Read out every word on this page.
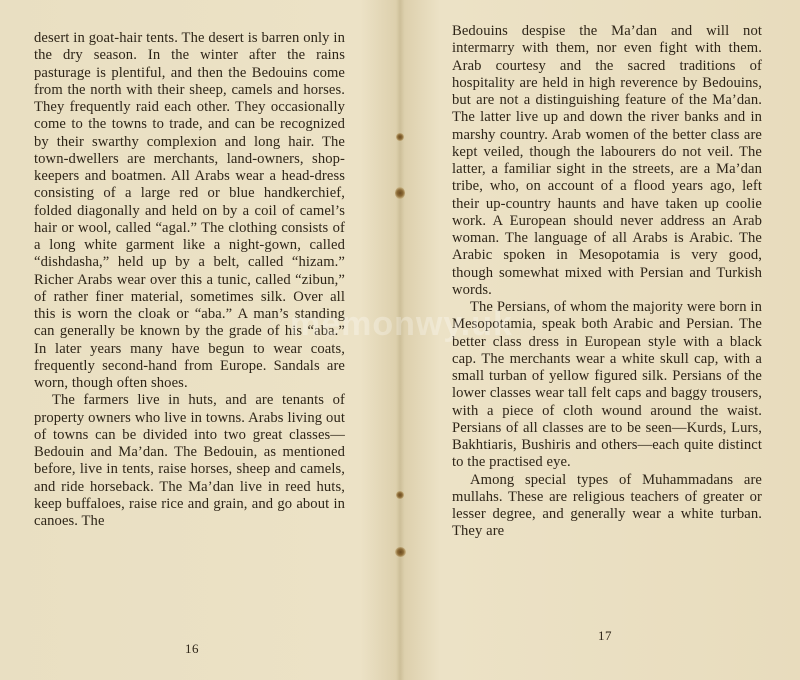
desert in goat-hair tents. The desert is barren only in the dry season. In the winter after the rains pasturage is plentiful, and then the Bedouins come from the north with their sheep, camels and horses. They frequently raid each other. They occasionally come to the towns to trade, and can be recognized by their swarthy complexion and long hair. The town-dwellers are merchants, land-owners, shop-keepers and boatmen. All Arabs wear a head-dress consisting of a large red or blue handkerchief, folded diagonally and held on by a coil of camel’s hair or wool, called “agal.” The clothing consists of a long white garment like a night-gown, called “dishdasha,” held up by a belt, called “hizam.” Richer Arabs wear over this a tunic, called “zibun,” of rather finer material, sometimes silk. Over all this is worn the cloak or “aba.” A man’s standing can generally be known by the grade of his “aba.” In later years many have begun to wear coats, frequently second-hand from Europe. Sandals are worn, though often shoes.

The farmers live in huts, and are tenants of property owners who live in towns. Arabs living out of towns can be divided into two great classes—Bedouin and Ma’dan. The Bedouin, as mentioned before, live in tents, raise horses, sheep and camels, and ride horseback. The Ma’dan live in reed huts, keep buffaloes, raise rice and grain, and go about in canoes. The

16

Bedouins despise the Ma’dan and will not intermarry with them, nor even fight with them. Arab courtesy and the sacred traditions of hospitality are held in high reverence by Bedouins, but are not a distinguishing feature of the Ma’dan. The latter live up and down the river banks and in marshy country. Arab women of the better class are kept veiled, though the labourers do not veil. The latter, a familiar sight in the streets, are a Ma’dan tribe, who, on account of a flood years ago, left their up-country haunts and have taken up coolie work. A European should never address an Arab woman. The language of all Arabs is Arabic. The Arabic spoken in Mesopotamia is very good, though somewhat mixed with Persian and Turkish words.

The Persians, of whom the majority were born in Mesopotamia, speak both Arabic and Persian. The better class dress in European style with a black cap. The merchants wear a white skull cap, with a small turban of yellow figured silk. Persians of the lower classes wear tall felt caps and baggy trousers, with a piece of cloth wound around the waist. Persians of all classes are to be seen—Kurds, Lurs, Bakhtiaris, Bushiris and others—each quite distinct to the practised eye.

Among special types of Muhammadans are mullahs. These are religious teachers of greater or lesser degree, and generally wear a white turban. They are

17
memonwy.uk
